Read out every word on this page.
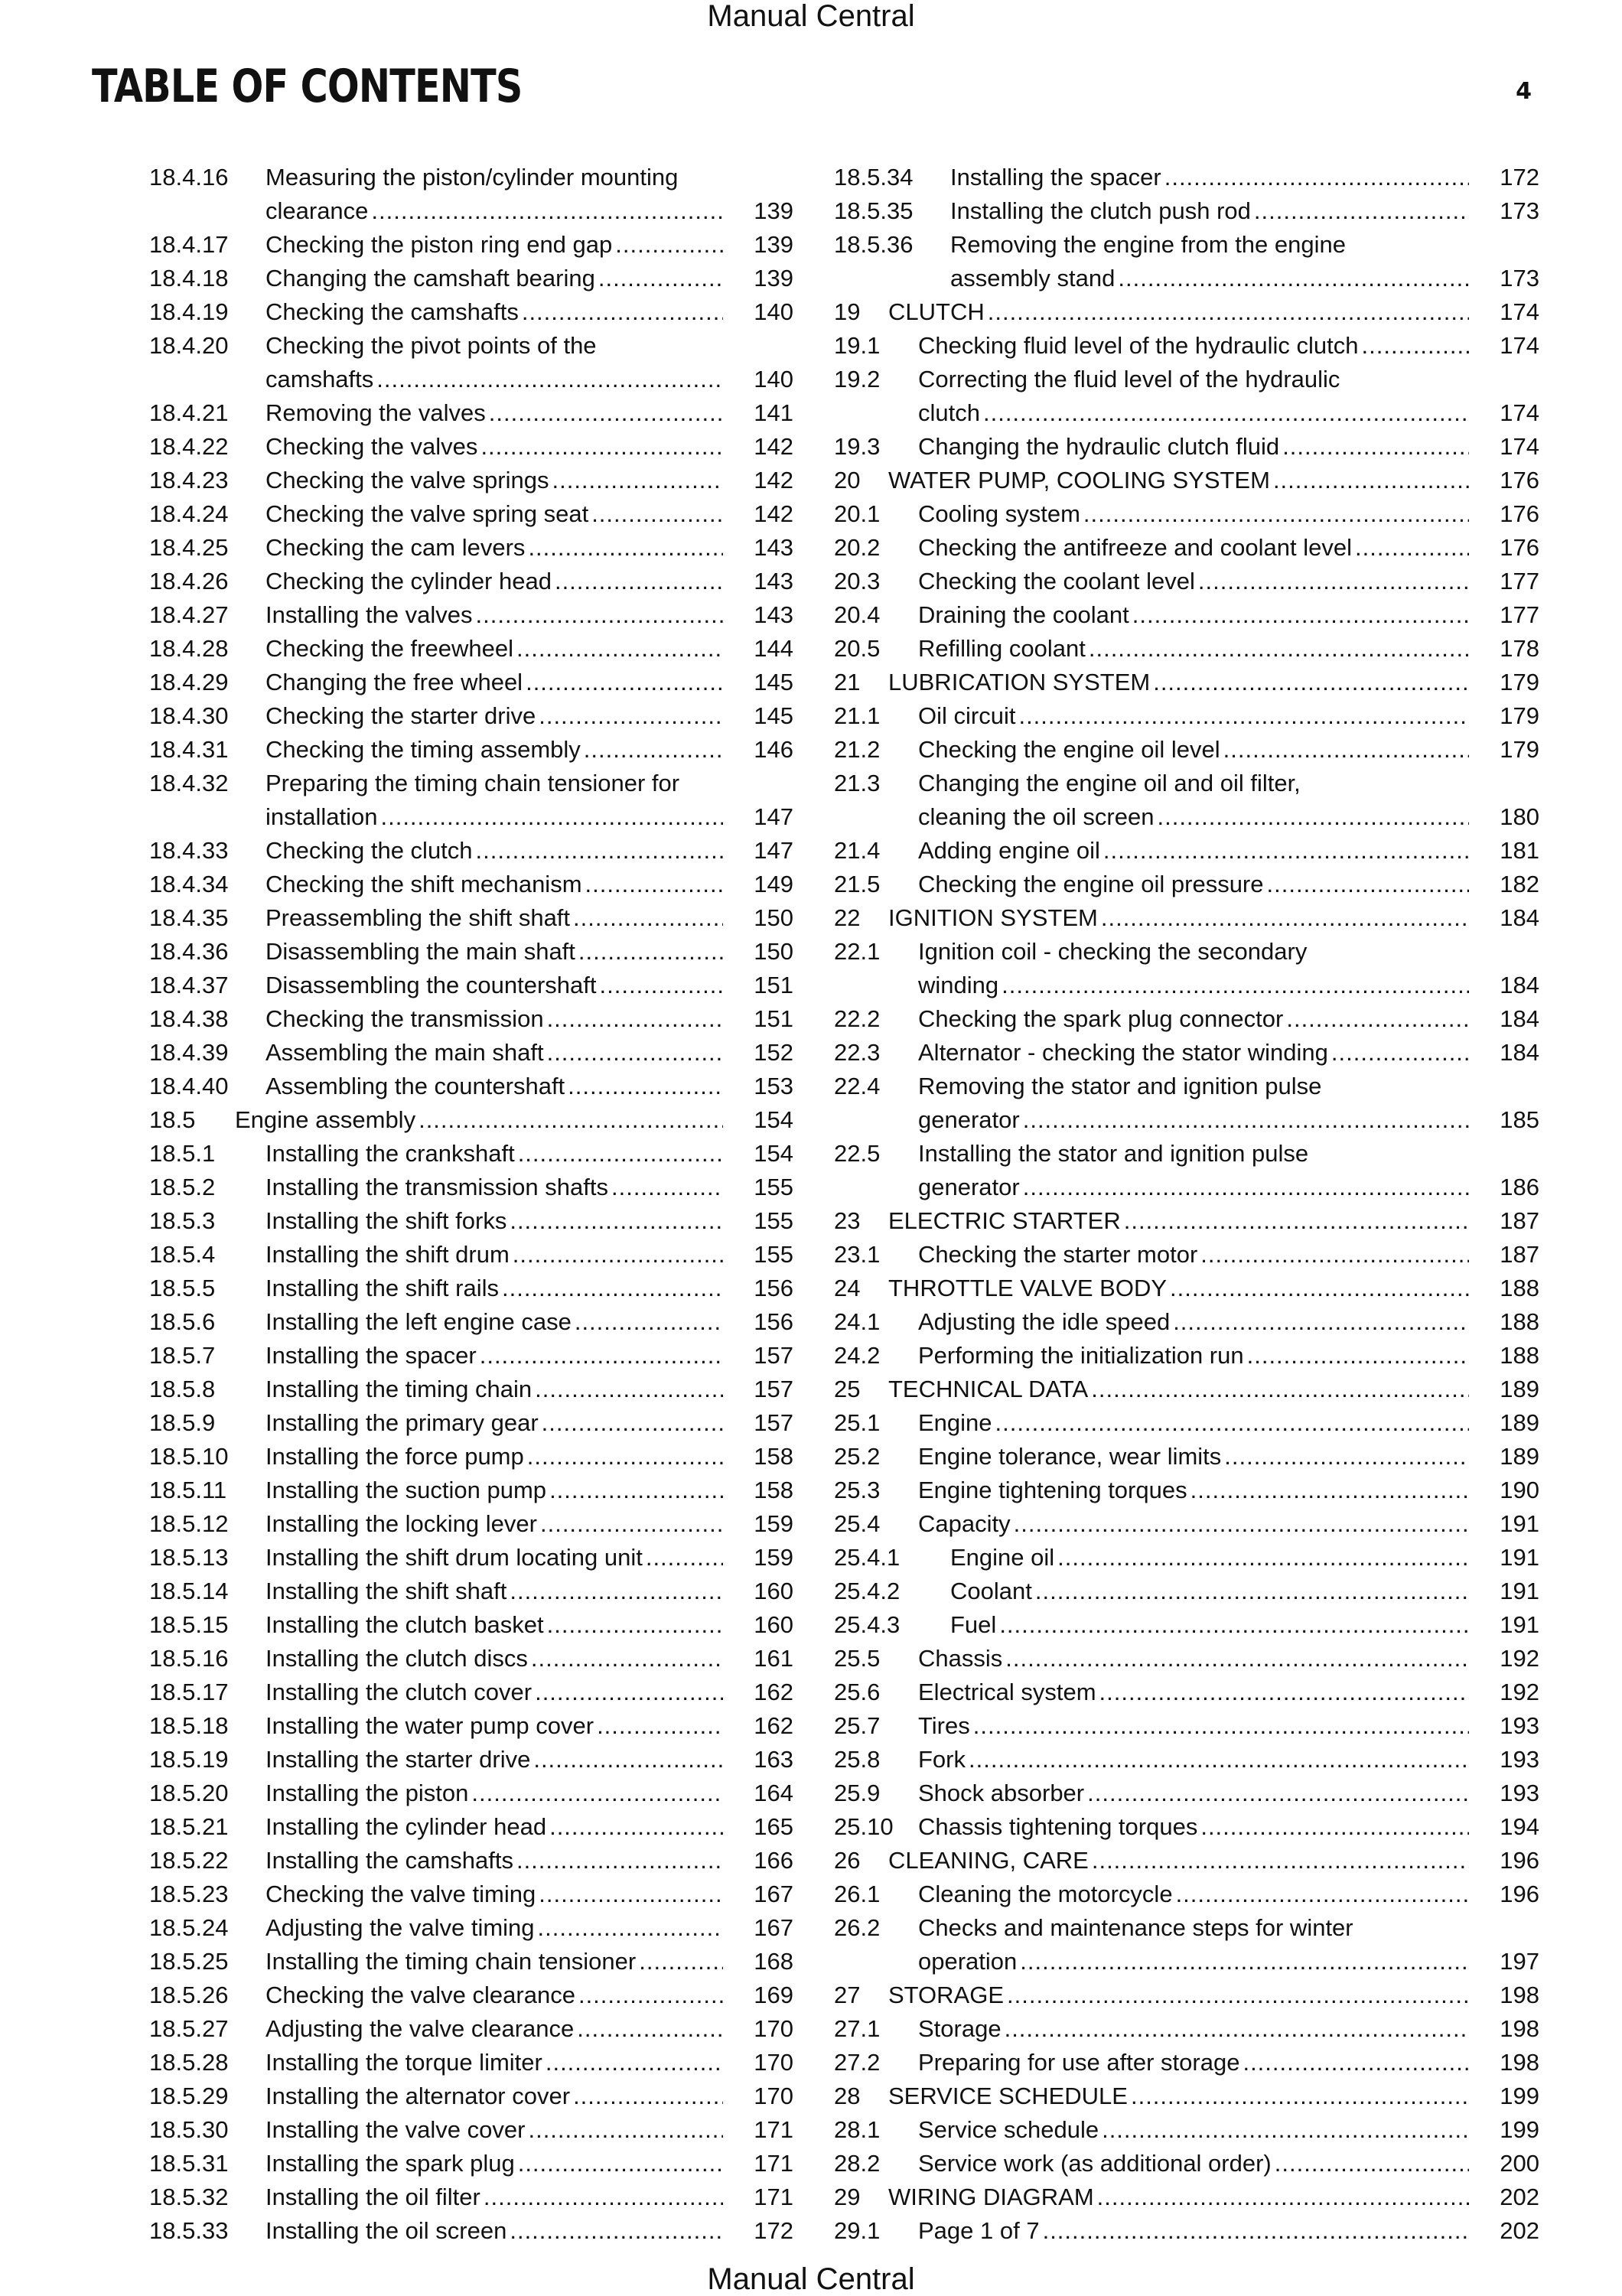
Manual Central
TABLE OF CONTENTS	4
18.4.16	Measuring the piston/cylinder mounting
clearance .....	139
18.4.17 Checking the piston ring end gap .....	139
18.4.18 Changing the camshaft bearing .....	139
18.4.19 Checking the camshafts .....	140
18.4.20	Checking the pivot points of the
camshafts .....	140
18.4.21 Removing the valves .....	141
18.4.22 Checking the valves .....	142
18.4.23 Checking the valve springs .....	142
18.4.24 Checking the valve spring seat .....	142
18.4.25 Checking the cam levers .....	143
18.4.26 Checking the cylinder head .....	143
18.4.27 Installing the valves .....	143
18.4.28 Checking the freewheel .....	144
18.4.29 Changing the free wheel .....	145
18.4.30 Checking the starter drive .....	145
18.4.31 Checking the timing assembly .....	146
18.4.32	Preparing the timing chain tensioner for
installation .....	147
18.4.33 Checking the clutch .....	147
18.4.34 Checking the shift mechanism .....	149
18.4.35 Preassembling the shift shaft .....	150
18.4.36 Disassembling the main shaft .....	150
18.4.37 Disassembling the countershaft .....	151
18.4.38 Checking the transmission .....	151
18.4.39 Assembling the main shaft .....	152
18.4.40 Assembling the countershaft .....	153
18.5 Engine assembly .....	154
18.5.1 Installing the crankshaft .....	154
18.5.2 Installing the transmission shafts .....	155
18.5.3 Installing the shift forks .....	155
18.5.4 Installing the shift drum .....	155
18.5.5 Installing the shift rails .....	156
18.5.6 Installing the left engine case .....	156
18.5.7 Installing the spacer .....	157
18.5.8 Installing the timing chain .....	157
18.5.9 Installing the primary gear .....	157
18.5.10 Installing the force pump .....	158
18.5.11 Installing the suction pump .....	158
18.5.12 Installing the locking lever .....	159
18.5.13 Installing the shift drum locating unit .....	159
18.5.14 Installing the shift shaft .....	160
18.5.15 Installing the clutch basket .....	160
18.5.16 Installing the clutch discs .....	161
18.5.17 Installing the clutch cover .....	162
18.5.18 Installing the water pump cover .....	162
18.5.19 Installing the starter drive .....	163
18.5.20 Installing the piston .....	164
18.5.21 Installing the cylinder head .....	165
18.5.22 Installing the camshafts .....	166
18.5.23 Checking the valve timing .....	167
18.5.24 Adjusting the valve timing .....	167
18.5.25 Installing the timing chain tensioner .....	168
18.5.26 Checking the valve clearance .....	169
18.5.27 Adjusting the valve clearance .....	170
18.5.28 Installing the torque limiter .....	170
18.5.29 Installing the alternator cover .....	170
18.5.30 Installing the valve cover .....	171
18.5.31 Installing the spark plug .....	171
18.5.32 Installing the oil filter .....	171
18.5.33 Installing the oil screen .....	172
18.5.34 Installing the spacer .....	172
18.5.35 Installing the clutch push rod .....	173
18.5.36	Removing the engine from the engine
assembly stand .....	173
19 CLUTCH .....	174
19.1 Checking fluid level of the hydraulic clutch .....	174
19.2	Correcting the fluid level of the hydraulic
clutch .....	174
19.3 Changing the hydraulic clutch fluid .....	174
20 WATER PUMP, COOLING SYSTEM .....	176
20.1 Cooling system .....	176
20.2 Checking the antifreeze and coolant level .....	176
20.3 Checking the coolant level .....	177
20.4 Draining the coolant .....	177
20.5 Refilling coolant .....	178
21 LUBRICATION SYSTEM .....	179
21.1 Oil circuit .....	179
21.2 Checking the engine oil level .....	179
21.3	Changing the engine oil and oil filter,
cleaning the oil screen .....	180
21.4 Adding engine oil .....	181
21.5 Checking the engine oil pressure .....	182
22 IGNITION SYSTEM .....	184
22.1	Ignition coil - checking the secondary
winding .....	184
22.2 Checking the spark plug connector .....	184
22.3 Alternator - checking the stator winding .....	184
22.4	Removing the stator and ignition pulse
generator .....	185
22.5	Installing the stator and ignition pulse
generator .....	186
23 ELECTRIC STARTER .....	187
23.1 Checking the starter motor .....	187
24 THROTTLE VALVE BODY .....	188
24.1 Adjusting the idle speed .....	188
24.2 Performing the initialization run .....	188
25 TECHNICAL DATA .....	189
25.1 Engine .....	189
25.2 Engine tolerance, wear limits .....	189
25.3 Engine tightening torques .....	190
25.4 Capacity .....	191
25.4.1 Engine oil .....	191
25.4.2 Coolant .....	191
25.4.3 Fuel .....	191
25.5 Chassis .....	192
25.6 Electrical system .....	192
25.7 Tires .....	193
25.8 Fork .....	193
25.9 Shock absorber .....	193
25.10 Chassis tightening torques .....	194
26 CLEANING, CARE .....	196
26.1 Cleaning the motorcycle .....	196
26.2	Checks and maintenance steps for winter
operation .....	197
27 STORAGE .....	198
27.1 Storage .....	198
27.2 Preparing for use after storage .....	198
28 SERVICE SCHEDULE .....	199
28.1 Service schedule .....	199
28.2 Service work (as additional order) .....	200
29 WIRING DIAGRAM .....	202
29.1 Page 1 of 7 .....	202
Manual Central
